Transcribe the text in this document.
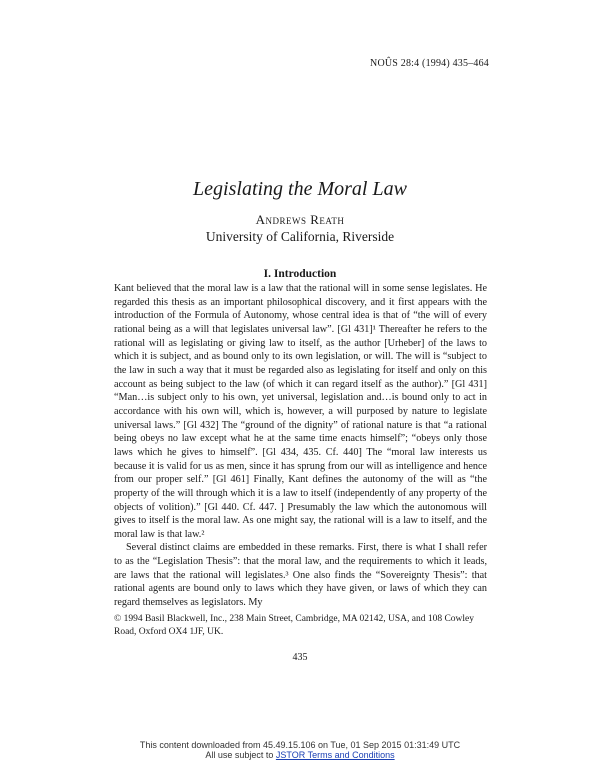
NOÛS 28:4 (1994) 435–464
Legislating the Moral Law
Andrews Reath
University of California, Riverside
I. Introduction

Kant believed that the moral law is a law that the rational will in some sense legislates. He regarded this thesis as an important philosophical discovery, and it first appears with the introduction of the Formula of Autonomy, whose central idea is that of “the will of every rational being as a will that legislates universal law”. [Gl 431]¹ Thereafter he refers to the rational will as legislating or giving law to itself, as the author [Urheber] of the laws to which it is subject, and as bound only to its own legislation, or will. The will is “subject to the law in such a way that it must be regarded also as legislating for itself and only on this account as being subject to the law (of which it can regard itself as the author).” [Gl 431] “Man…is subject only to his own, yet universal, legislation and…is bound only to act in accordance with his own will, which is, however, a will purposed by nature to legislate universal laws.” [Gl 432] The “ground of the dignity” of rational nature is that “a rational being obeys no law except what he at the same time enacts himself”; “obeys only those laws which he gives to himself”. [Gl 434, 435. Cf. 440] The “moral law interests us because it is valid for us as men, since it has sprung from our will as intelligence and hence from our proper self.” [Gl 461] Finally, Kant defines the autonomy of the will as “the property of the will through which it is a law to itself (independently of any property of the objects of volition).” [Gl 440. Cf. 447. ] Presumably the law which the autonomous will gives to itself is the moral law. As one might say, the rational will is a law to itself, and the moral law is that law.²

Several distinct claims are embedded in these remarks. First, there is what I shall refer to as the “Legislation Thesis”: that the moral law, and the requirements to which it leads, are laws that the rational will legislates.³ One also finds the “Sovereignty Thesis”: that rational agents are bound only to laws which they have given, or laws of which they can regard themselves as legislators. My

© 1994 Basil Blackwell, Inc., 238 Main Street, Cambridge, MA 02142, USA, and 108 Cowley Road, Oxford OX4 1JF, UK.
435
This content downloaded from 45.49.15.106 on Tue, 01 Sep 2015 01:31:49 UTC
All use subject to JSTOR Terms and Conditions
